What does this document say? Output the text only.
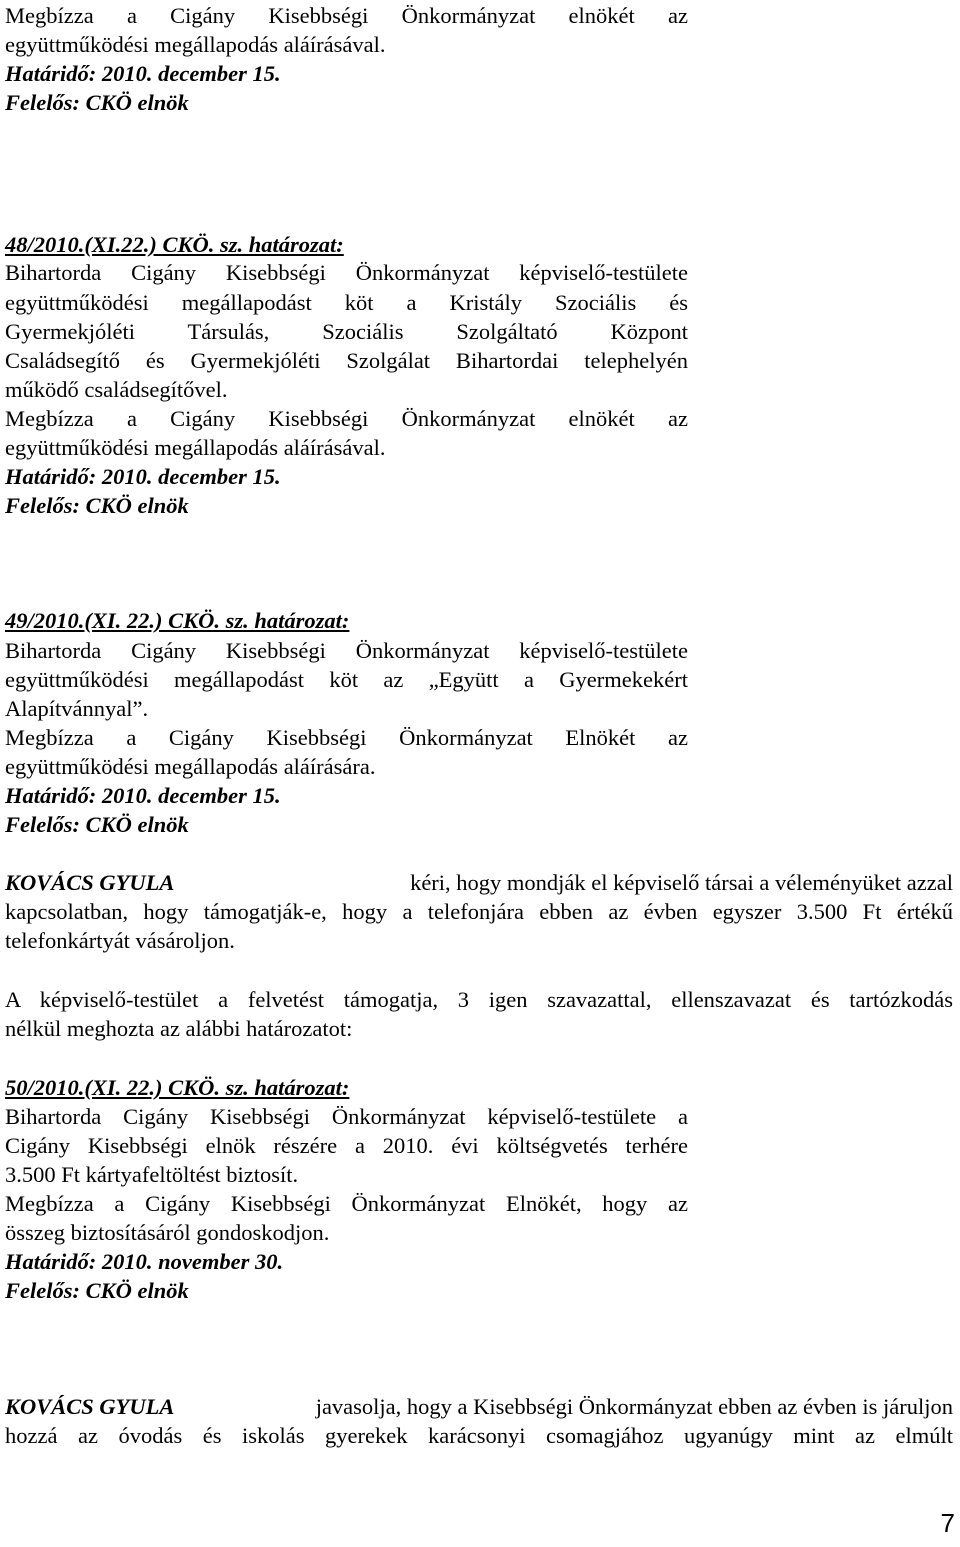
Megbízza a Cigány Kisebbségi Önkormányzat elnökét az
együttműködési megállapodás aláírásával.
Határidő: 2010. december 15.
Felelős: CKÖ elnök
48/2010.(XI.22.) CKÖ. sz. határozat:
Bihartorda Cigány Kisebbségi Önkormányzat képviselő-testülete
együttműködési megállapodást köt a Kristály Szociális és
Gyermekjóléti Társulás, Szociális Szolgáltató Központ
Családsegítő és Gyermekjóléti Szolgálat Bihartordai telephelyén
működő családsegítővel.
Megbízza a Cigány Kisebbségi Önkormányzat elnökét az
együttműködési megállapodás aláírásával.
Határidő: 2010. december 15.
Felelős: CKÖ elnök
49/2010.(XI. 22.) CKÖ. sz. határozat:
Bihartorda Cigány Kisebbségi Önkormányzat képviselő-testülete
együttműködési megállapodást köt az „Együtt a Gyermekekért
Alapítvánnyal”.
Megbízza a Cigány Kisebbségi Önkormányzat Elnökét az
együttműködési megállapodás aláírására.
Határidő: 2010. december 15.
Felelős: CKÖ elnök
KOVÁCS GYULA	kéri, hogy mondják el képviselő társai a véleményüket azzal
kapcsolatban, hogy támogatják-e, hogy a telefonjára ebben az évben egyszer 3.500 Ft értékű
telefonkártyát vásároljon.
A képviselő-testület a felvetést támogatja, 3 igen szavazattal, ellenszavazat és tartózkodás
nélkül meghozta az alábbi határozatot:
50/2010.(XI. 22.) CKÖ. sz. határozat:
Bihartorda Cigány Kisebbségi Önkormányzat képviselő-testülete a
Cigány Kisebbségi elnök részére a 2010. évi költségvetés terhére
3.500 Ft kártyafeltöltést biztosít.
Megbízza a Cigány Kisebbségi Önkormányzat Elnökét, hogy az
összeg biztosításáról gondoskodjon.
Határidő: 2010. november 30.
Felelős: CKÖ elnök
KOVÁCS GYULA	javasolja, hogy a Kisebbségi Önkormányzat ebben az évben is járuljon
hozzá az óvodás és iskolás gyerekek karácsonyi csomagjához ugyanúgy mint az elmúlt
7
